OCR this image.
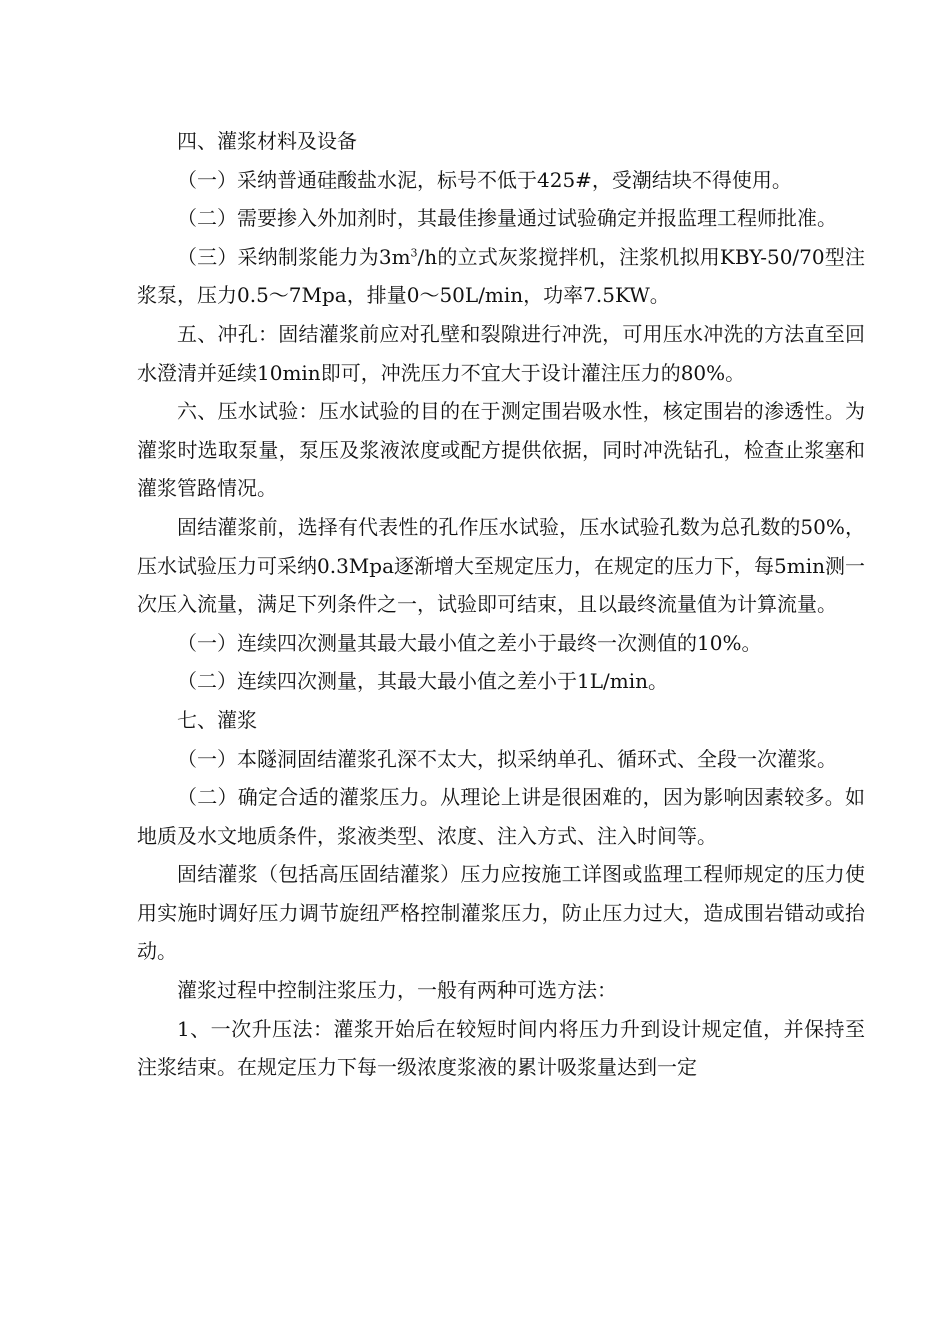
四、灌浆材料及设备

（一）采纳普通硅酸盐水泥，标号不低于425#，受潮结块不得使用。

（二）需要掺入外加剂时，其最佳掺量通过试验确定并报监理工程师批准。

（三）采纳制浆能力为$3m^3/h$的立式灰浆搅拌机，注浆机拟用KBY-50/70型注浆泵，压力0.5～7Mpa，排量0～50L/min，功率7.5KW。

五、冲孔：固结灌浆前应对孔壁和裂隙进行冲洗，可用压水冲洗的方法直至回水澄清并延续10min即可，冲洗压力不宜大于设计灌注压力的80%。

六、压水试验：压水试验的目的在于测定围岩吸水性，核定围岩的渗透性。为灌浆时选取泵量，泵压及浆液浓度或配方提供依据，同时冲洗钻孔，检查止浆塞和灌浆管路情况。

固结灌浆前，选择有代表性的孔作压水试验，压水试验孔数为总孔数的50%，压水试验压力可采纳0.3Mpa逐渐增大至规定压力，在规定的压力下，每5min测一次压入流量，满足下列条件之一，试验即可结束，且以最终流量值为计算流量。

（一）连续四次测量其最大最小值之差小于最终一次测值的10%。

（二）连续四次测量，其最大最小值之差小于1L/min。

七、灌浆

（一）本隧洞固结灌浆孔深不太大，拟采纳单孔、循环式、全段一次灌浆。

（二）确定合适的灌浆压力。从理论上讲是很困难的，因为影响因素较多。如地质及水文地质条件，浆液类型、浓度、注入方式、注入时间等。

固结灌浆（包括高压固结灌浆）压力应按施工详图或监理工程师规定的压力使用实施时调好压力调节旋纽严格控制灌浆压力，防止压力过大，造成围岩错动或抬动。

灌浆过程中控制注浆压力，一般有两种可选方法：

1、一次升压法：灌浆开始后在较短时间内将压力升到设计规定值，并保持至注浆结束。在规定压力下每一级浓度浆液的累计吸浆量达到一定
